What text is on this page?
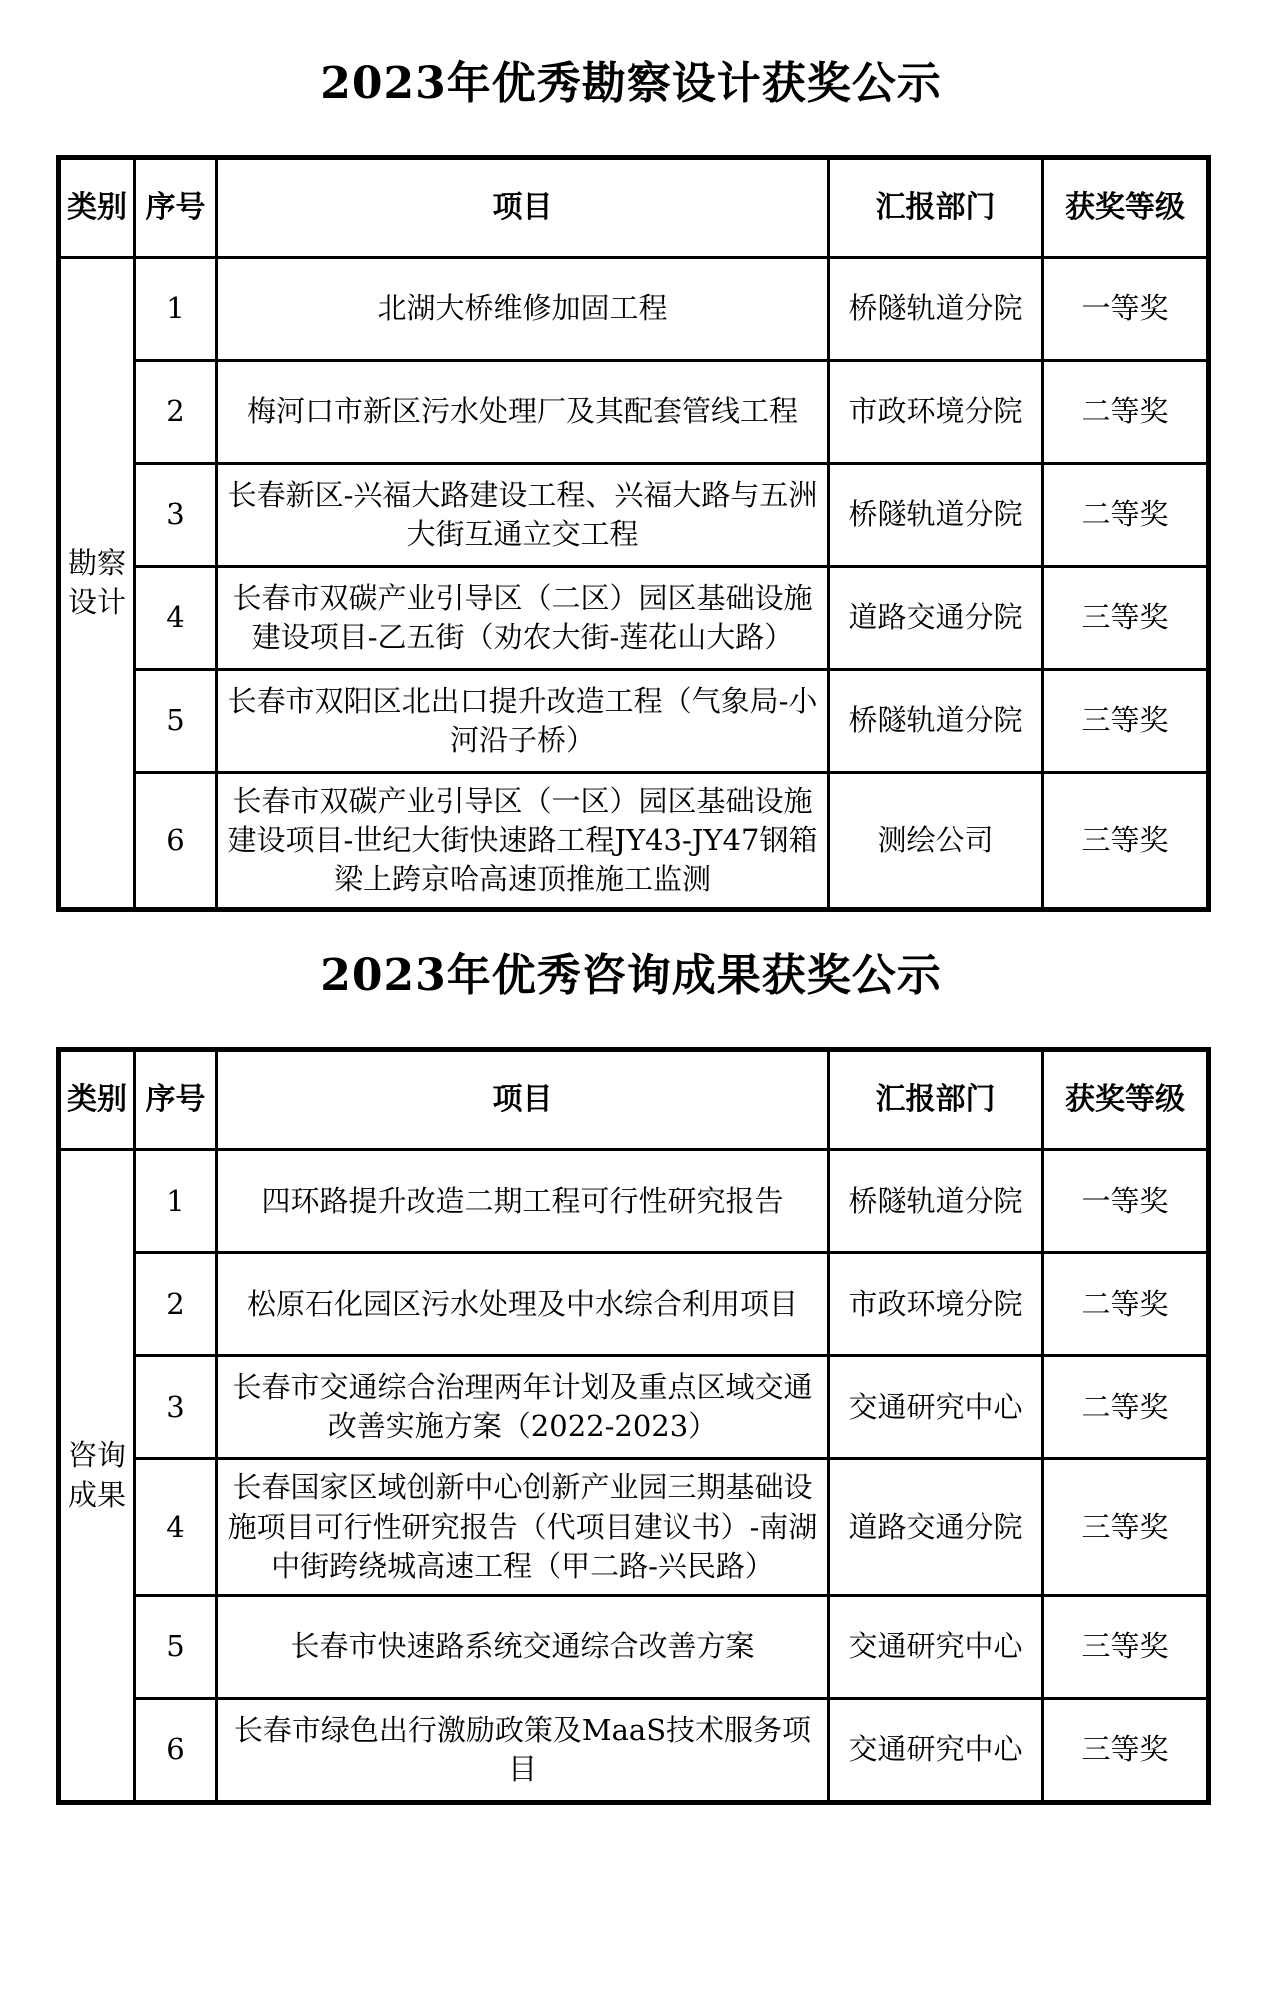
2023年优秀勘察设计获奖公示
类别	序号	项目	汇报部门	获奖等级
勘察设计	1	北湖大桥维修加固工程	桥隧轨道分院	一等奖
	2	梅河口市新区污水处理厂及其配套管线工程	市政环境分院	二等奖
	3	长春新区-兴福大路建设工程、兴福大路与五洲大街互通立交工程	桥隧轨道分院	二等奖
	4	长春市双碳产业引导区（二区）园区基础设施建设项目-乙五街（劝农大街-莲花山大路）	道路交通分院	三等奖
	5	长春市双阳区北出口提升改造工程（气象局-小河沿子桥）	桥隧轨道分院	三等奖
	6	长春市双碳产业引导区（一区）园区基础设施建设项目-世纪大街快速路工程JY43-JY47钢箱梁上跨京哈高速顶推施工监测	测绘公司	三等奖
2023年优秀咨询成果获奖公示
类别	序号	项目	汇报部门	获奖等级
咨询成果	1	四环路提升改造二期工程可行性研究报告	桥隧轨道分院	一等奖
	2	松原石化园区污水处理及中水综合利用项目	市政环境分院	二等奖
	3	长春市交通综合治理两年计划及重点区域交通改善实施方案（2022-2023）	交通研究中心	二等奖
	4	长春国家区域创新中心创新产业园三期基础设施项目可行性研究报告（代项目建议书）-南湖中街跨绕城高速工程（甲二路-兴民路）	道路交通分院	三等奖
	5	长春市快速路系统交通综合改善方案	交通研究中心	三等奖
	6	长春市绿色出行激励政策及MaaS技术服务项目	交通研究中心	三等奖
